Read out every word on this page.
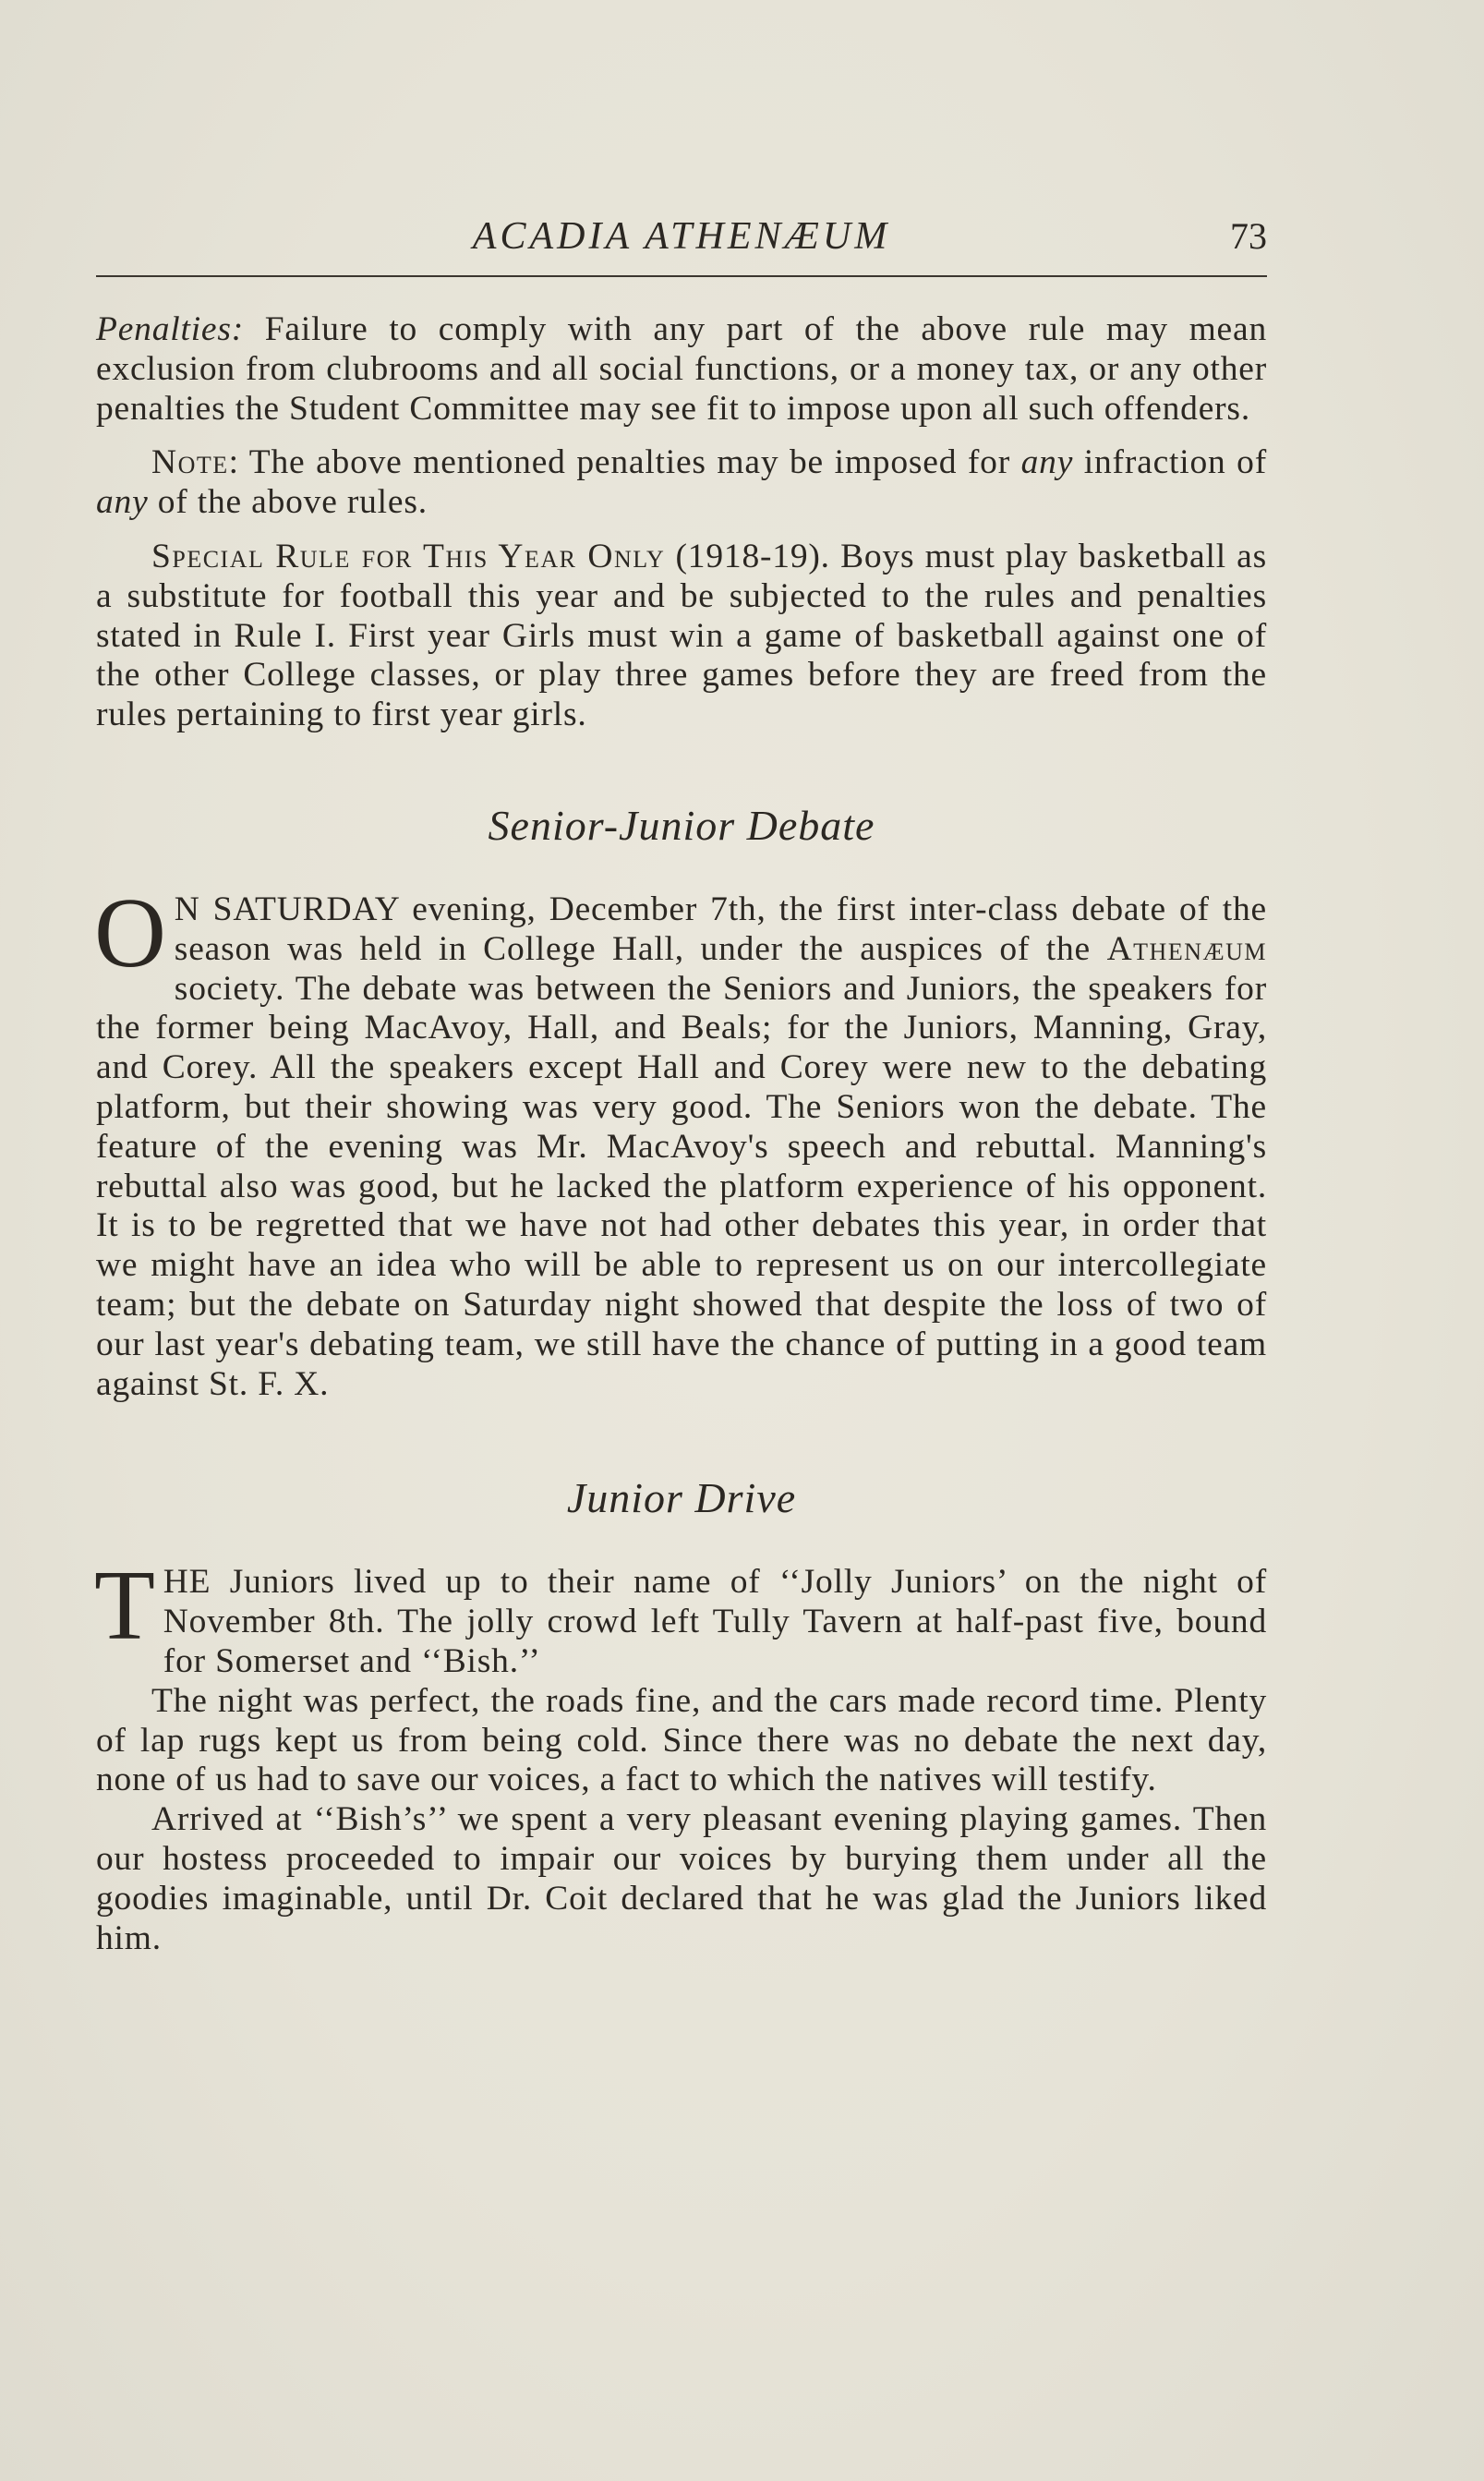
ACADIA ATHENÆUM	73

Penalties: Failure to comply with any part of the above rule may mean exclusion from clubrooms and all social functions, or a money tax, or any other penalties the Student Committee may see fit to impose upon all such offenders.

Note: The above mentioned penalties may be imposed for any infraction of any of the above rules.

Special Rule for This Year Only (1918-19). Boys must play basketball as a substitute for football this year and be subjected to the rules and penalties stated in Rule I. First year Girls must win a game of basketball against one of the other College classes, or play three games before they are freed from the rules pertaining to first year girls.

Senior-Junior Debate

O N SATURDAY evening, December 7th, the first inter-class debate of the season was held in College Hall, under the auspices of the Athenæum society. The debate was between the Seniors and Juniors, the speakers for the former being MacAvoy, Hall, and Beals; for the Juniors, Manning, Gray, and Corey. All the speakers except Hall and Corey were new to the debating platform, but their showing was very good. The Seniors won the debate. The feature of the evening was Mr. MacAvoy's speech and rebuttal. Manning's rebuttal also was good, but he lacked the platform experience of his opponent. It is to be regretted that we have not had other debates this year, in order that we might have an idea who will be able to represent us on our intercollegiate team; but the debate on Saturday night showed that despite the loss of two of our last year's debating team, we still have the chance of putting in a good team against St. F. X.

Junior Drive

THE Juniors lived up to their name of ‘‘Jolly Juniors’ on the night of November 8th. The jolly crowd left Tully Tavern at half-past five, bound for Somerset and ‘‘Bish.’’

The night was perfect, the roads fine, and the cars made record time. Plenty of lap rugs kept us from being cold. Since there was no debate the next day, none of us had to save our voices, a fact to which the natives will testify.

Arrived at ‘‘Bish’s’’ we spent a very pleasant evening playing games. Then our hostess proceeded to impair our voices by burying them under all the goodies imaginable, until Dr. Coit declared that he was glad the Juniors liked him.
